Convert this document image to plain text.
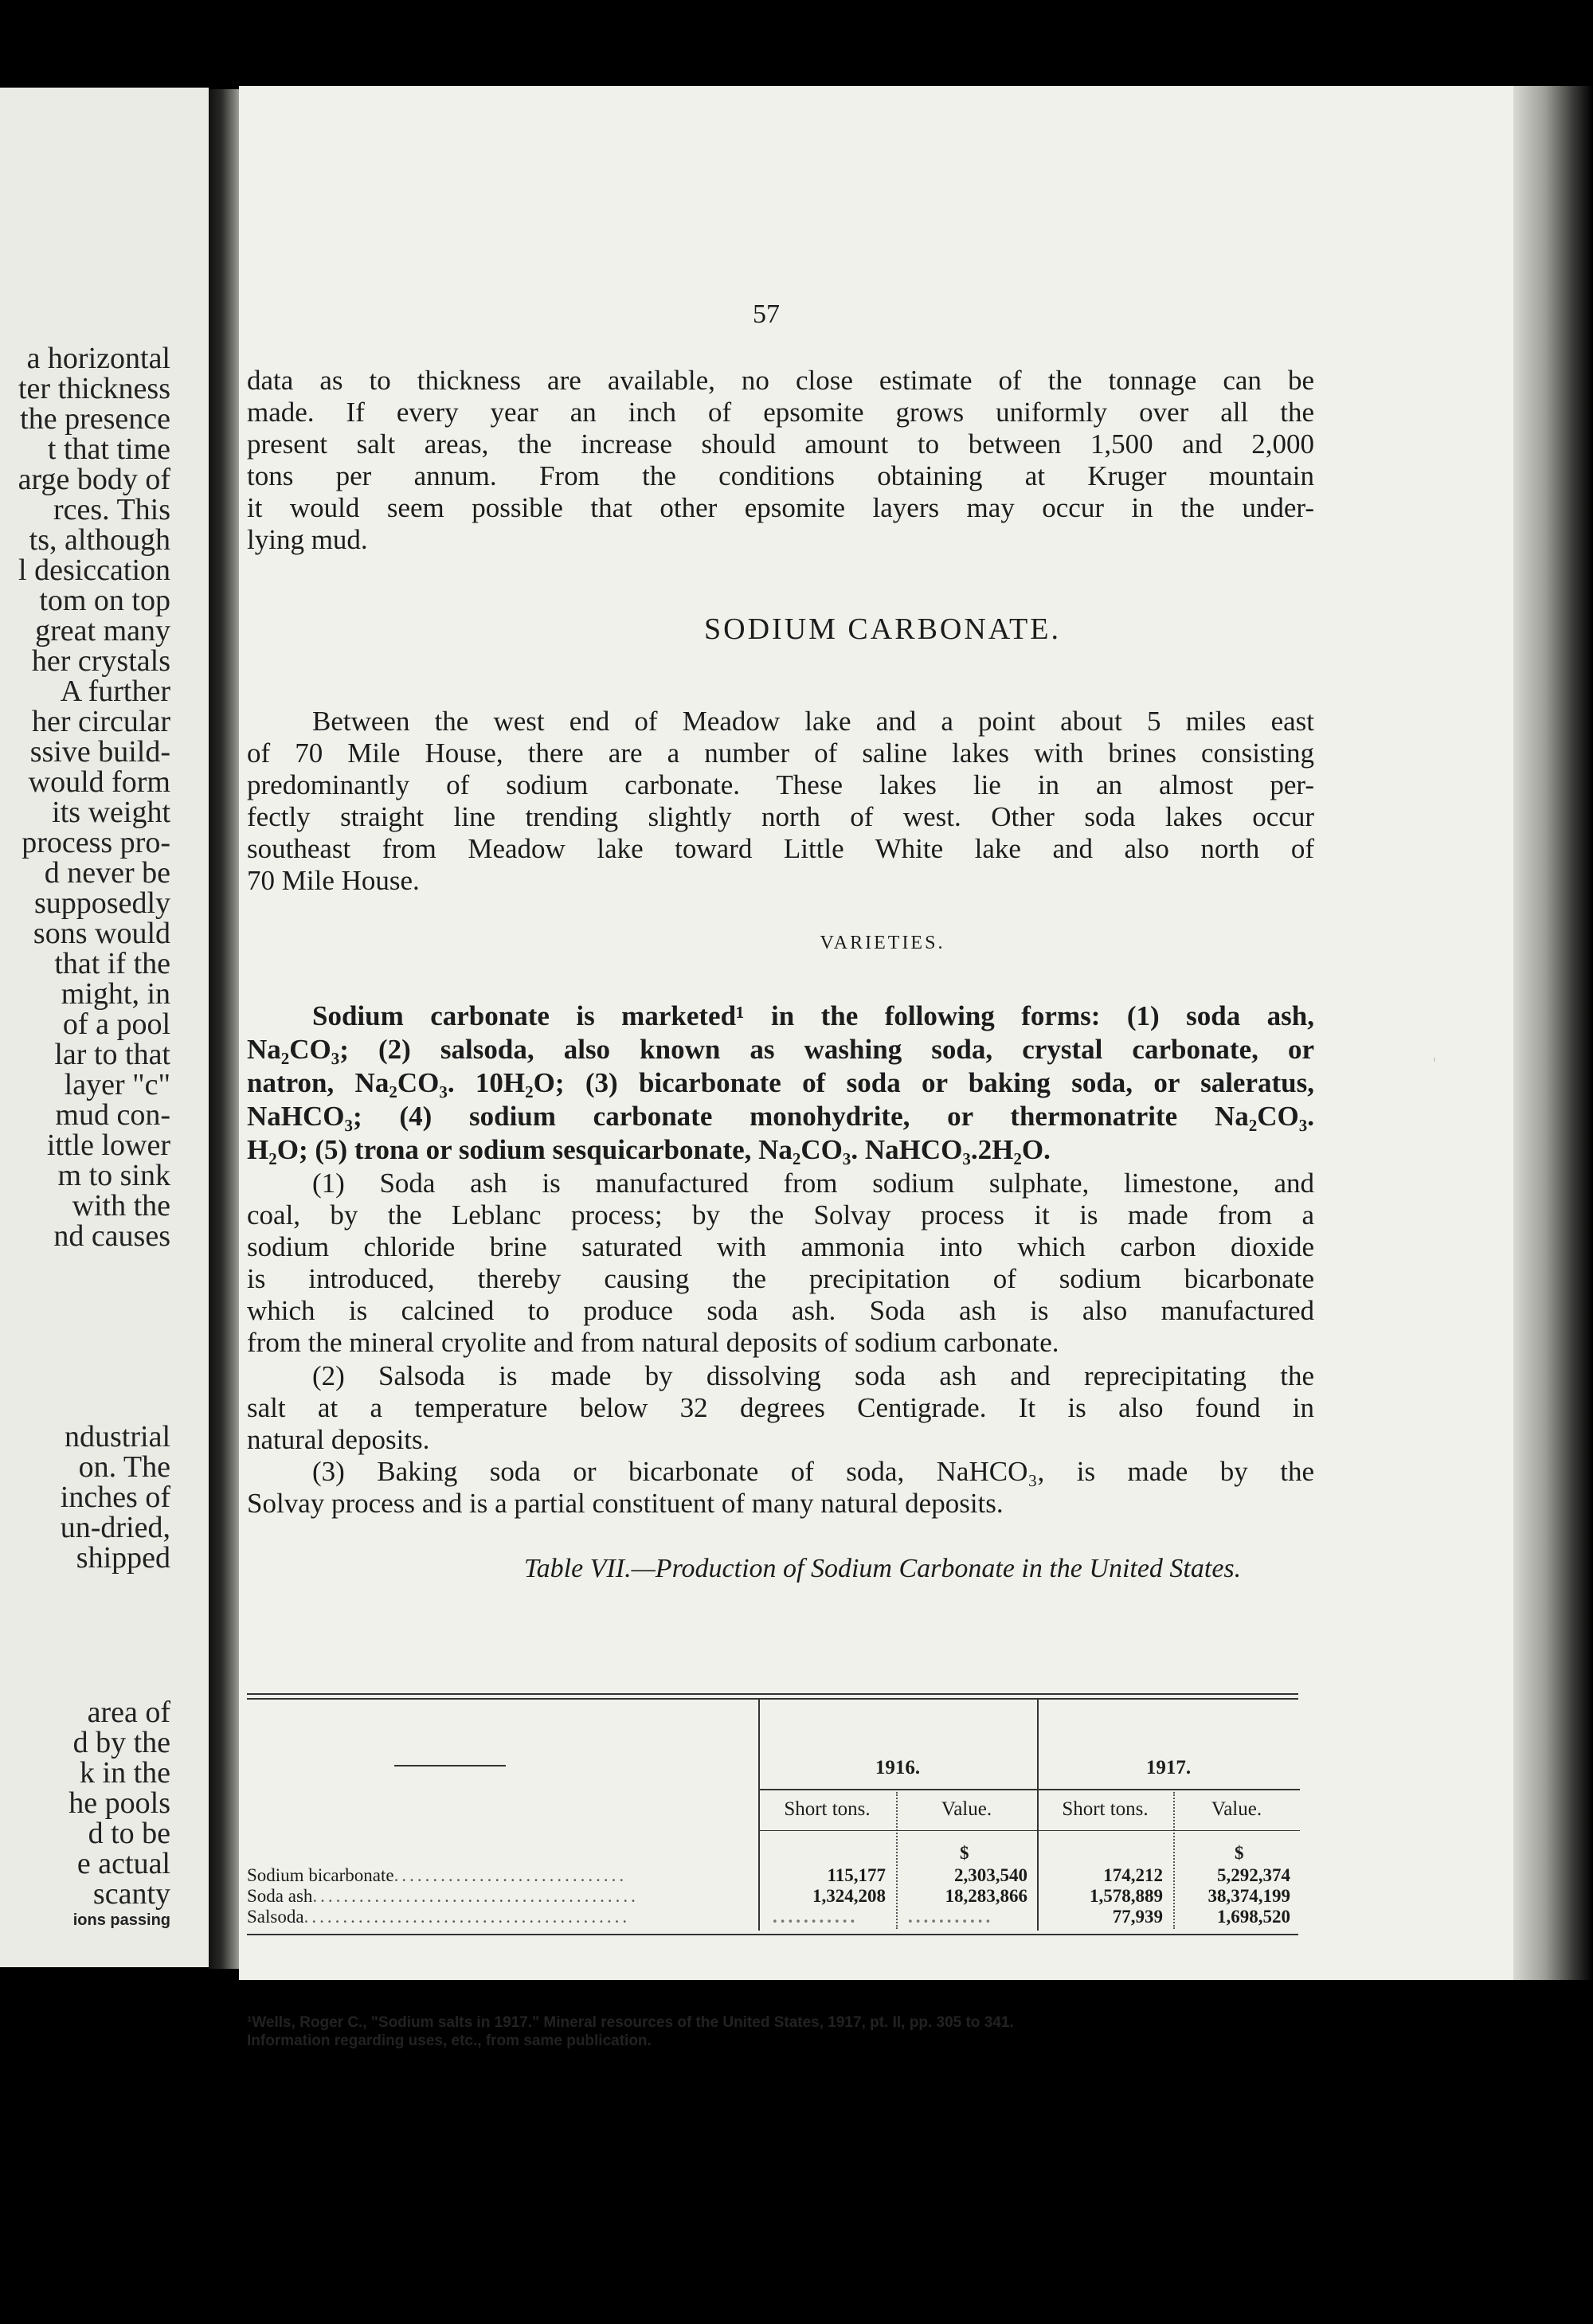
a horizontal
ter thickness
the presence
t that time
arge body of
rces. This
ts, although
l desiccation
tom on top
great many
her crystals
A further
her circular
ssive build-
would form
its weight
process pro-
d never be
supposedly
sons would
that if the
might, in
of a pool
lar to that
layer "c"
mud con-
ittle lower
m to sink
with the
nd causes
ndustrial
on. The
inches of
un-dried,
shipped
area of
d by the
k in the
he pools
d to be
e actual
scanty
ions passing
57
data as to thickness are available, no close estimate of the tonnage can be
made. If every year an inch of epsomite grows uniformly over all the
present salt areas, the increase should amount to between 1,500 and 2,000
tons per annum. From the conditions obtaining at Kruger mountain
it would seem possible that other epsomite layers may occur in the under-
lying mud.
SODIUM CARBONATE.
Between the west end of Meadow lake and a point about 5 miles east
of 70 Mile House, there are a number of saline lakes with brines consisting
predominantly of sodium carbonate. These lakes lie in an almost per-
fectly straight line trending slightly north of west. Other soda lakes occur
southeast from Meadow lake toward Little White lake and also north of
70 Mile House.
VARIETIES.
Sodium carbonate is marketed¹ in the following forms: (1) soda ash,
Na₂CO₃; (2) salsoda, also known as washing soda, crystal carbonate, or
natron, Na₂CO₃. 10H₂O; (3) bicarbonate of soda or baking soda, or saleratus,
NaHCO₃; (4) sodium carbonate monohydrite, or thermonatrite Na₂CO₃.
H₂O; (5) trona or sodium sesquicarbonate, Na₂CO₃. NaHCO₃.2H₂O.
(1) Soda ash is manufactured from sodium sulphate, limestone, and
coal, by the Leblanc process; by the Solvay process it is made from a
sodium chloride brine saturated with ammonia into which carbon dioxide
is introduced, thereby causing the precipitation of sodium bicarbonate
which is calcined to produce soda ash. Soda ash is also manufactured
from the mineral cryolite and from natural deposits of sodium carbonate.
(2) Salsoda is made by dissolving soda ash and reprecipitating the
salt at a temperature below 32 degrees Centigrade. It is also found in
natural deposits.
(3) Baking soda or bicarbonate of soda, NaHCO₃, is made by the
Solvay process and is a partial constituent of many natural deposits.
Table VII.—Production of Sodium Carbonate in the United States.
1916.	1917.
Short tons.	Value.	Short tons.	Value.
$	$
Sodium bicarbonate..............................	115,177	2,303,540	174,212	5,292,374
Soda ash..........................................	1,324,208	18,283,866	1,578,889	38,374,199
Salsoda..........................................	...........	...........	77,939	1,698,520
¹Wells, Roger C., "Sodium salts in 1917." Mineral resources of the United States, 1917, pt. II, pp. 305 to 341.
Information regarding uses, etc., from same publication.
